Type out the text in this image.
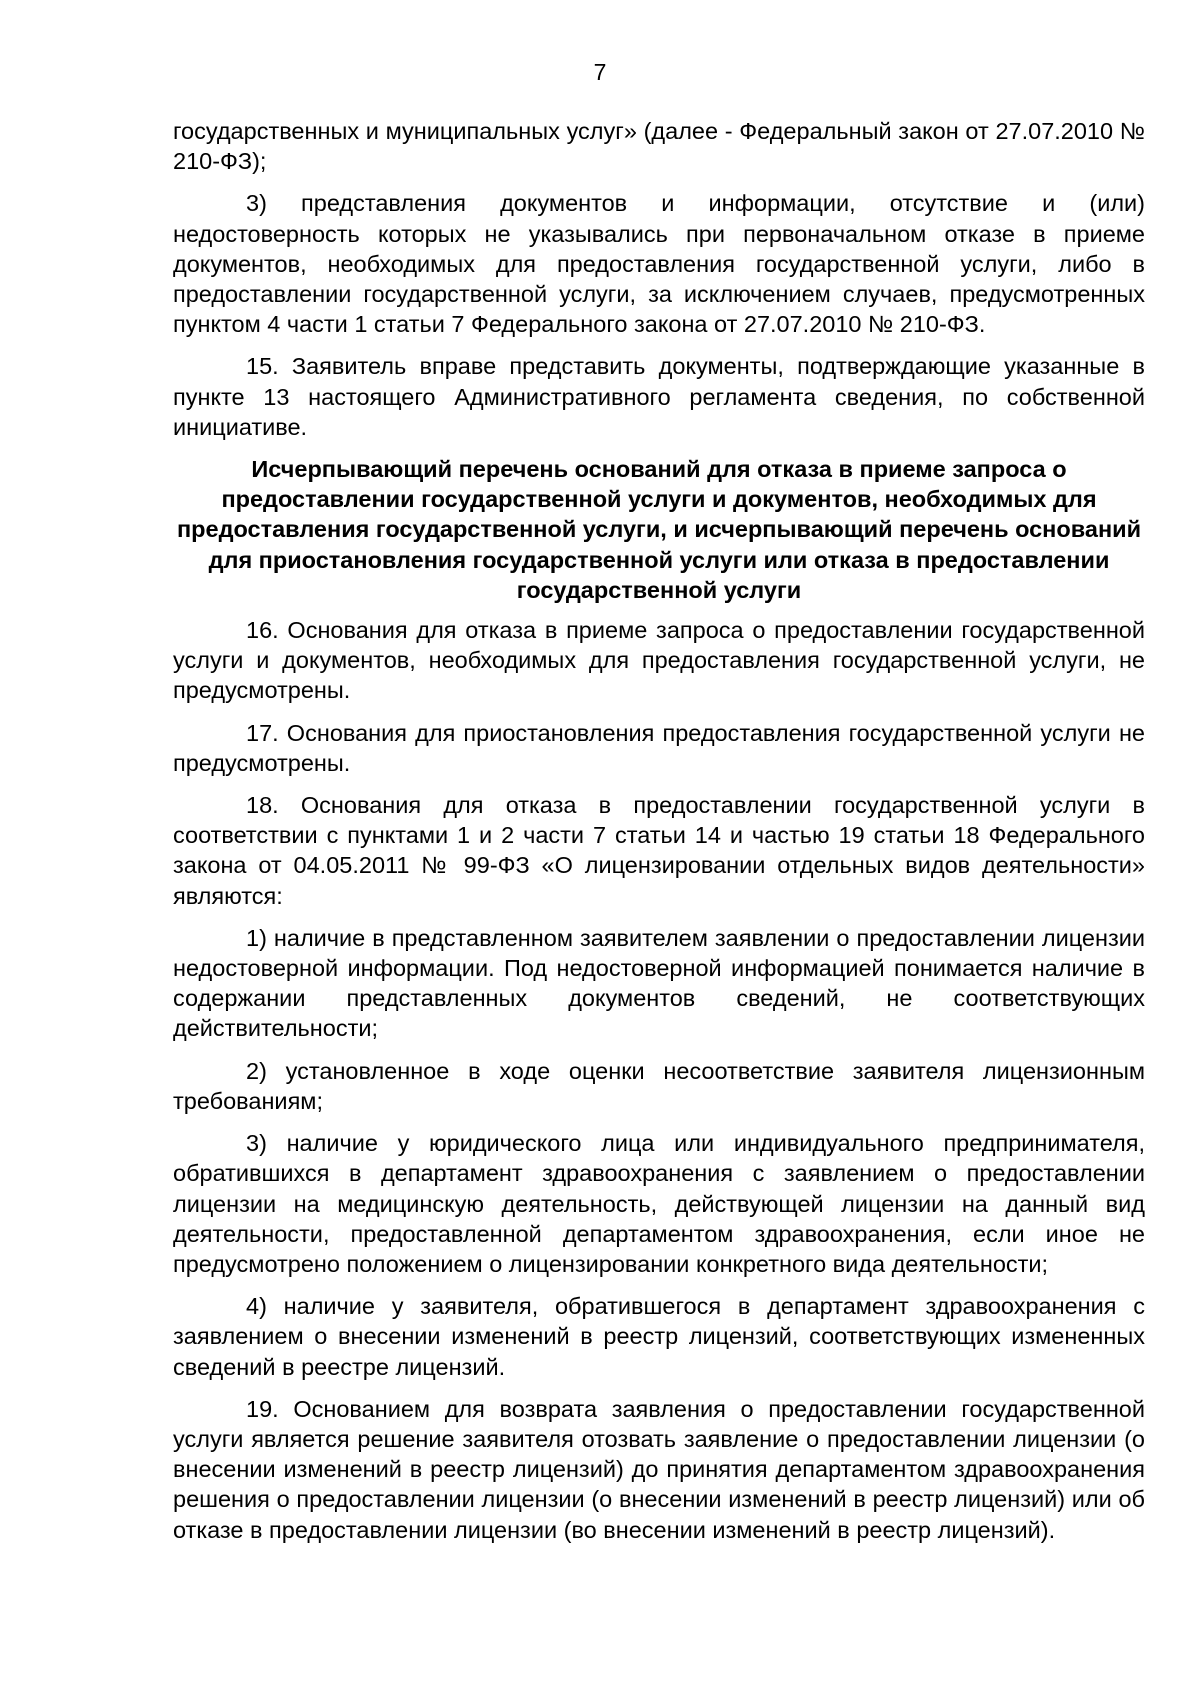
7

государственных и муниципальных услуг» (далее - Федеральный закон от 27.07.2010 № 210-ФЗ);

3) представления документов и информации, отсутствие и (или) недостоверность которых не указывались при первоначальном отказе в приеме документов, необходимых для предоставления государственной услуги, либо в предоставлении государственной услуги, за исключением случаев, предусмотренных пунктом 4 части 1 статьи 7 Федерального закона от 27.07.2010 № 210-ФЗ.

15. Заявитель вправе представить документы, подтверждающие указанные в пункте 13 настоящего Административного регламента сведения, по собственной инициативе.

Исчерпывающий перечень оснований для отказа в приеме запроса о предоставлении государственной услуги и документов, необходимых для предоставления государственной услуги, и исчерпывающий перечень оснований для приостановления государственной услуги или отказа в предоставлении государственной услуги

16. Основания для отказа в приеме запроса о предоставлении государственной услуги и документов, необходимых для предоставления государственной услуги, не предусмотрены.

17. Основания для приостановления предоставления государственной услуги не предусмотрены.

18. Основания для отказа в предоставлении государственной услуги в соответствии с пунктами 1 и 2 части 7 статьи 14 и частью 19 статьи 18 Федерального закона от 04.05.2011 № 99-ФЗ «О лицензировании отдельных видов деятельности» являются:

1) наличие в представленном заявителем заявлении о предоставлении лицензии недостоверной информации. Под недостоверной информацией понимается наличие в содержании представленных документов сведений, не соответствующих действительности;

2) установленное в ходе оценки несоответствие заявителя лицензионным требованиям;

3) наличие у юридического лица или индивидуального предпринимателя, обратившихся в департамент здравоохранения с заявлением о предоставлении лицензии на медицинскую деятельность, действующей лицензии на данный вид деятельности, предоставленной департаментом здравоохранения, если иное не предусмотрено положением о лицензировании конкретного вида деятельности;

4) наличие у заявителя, обратившегося в департамент здравоохранения с заявлением о внесении изменений в реестр лицензий, соответствующих измененных сведений в реестре лицензий.

19. Основанием для возврата заявления о предоставлении государственной услуги является решение заявителя отозвать заявление о предоставлении лицензии (о внесении изменений в реестр лицензий) до принятия департаментом здравоохранения решения о предоставлении лицензии (о внесении изменений в реестр лицензий) или об отказе в предоставлении лицензии (во внесении изменений в реестр лицензий).
